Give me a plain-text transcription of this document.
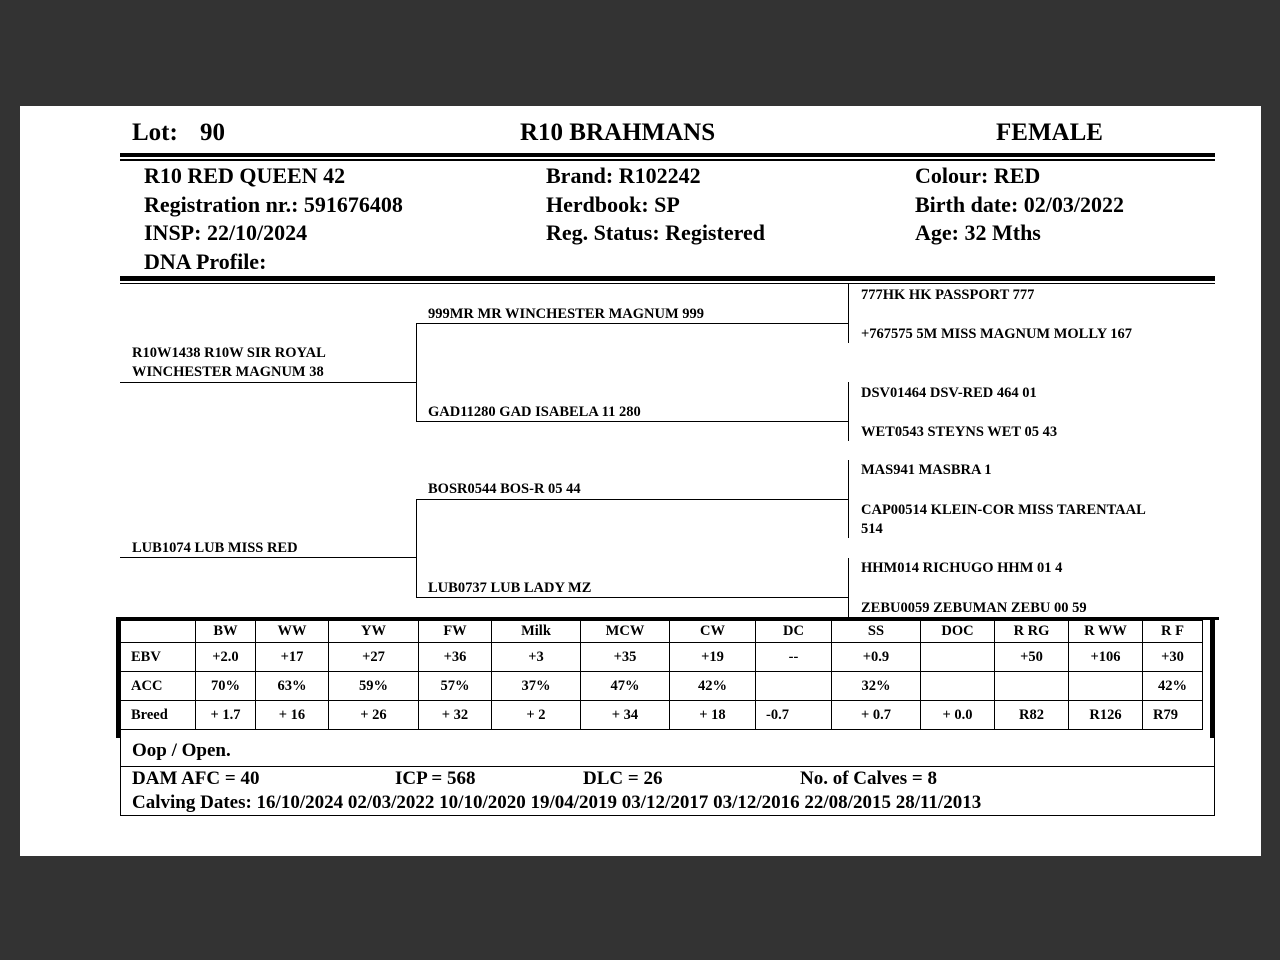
Lot: 90	R10 BRAHMANS	FEMALE
R10 RED QUEEN 42
Registration nr.: 591676408
INSP: 22/10/2024
DNA Profile:
Brand: R102242
Herdbook: SP
Reg. Status: Registered
Colour: RED
Birth date: 02/03/2022
Age: 32 Mths
R10W1438 R10W SIR ROYAL
WINCHESTER MAGNUM 38
LUB1074 LUB MISS RED
999MR MR WINCHESTER MAGNUM 999
GAD11280 GAD ISABELA 11 280
BOSR0544 BOS-R 05 44
LUB0737 LUB LADY MZ
777HK HK PASSPORT 777
+767575 5M MISS MAGNUM MOLLY 167
DSV01464 DSV-RED 464 01
WET0543 STEYNS WET 05 43
MAS941 MASBRA 1
CAP00514 KLEIN-COR MISS TARENTAAL
514
HHM014 RICHUGO HHM 01 4
ZEBU0059 ZEBUMAN ZEBU 00 59
	BW	WW	YW	FW	Milk	MCW	CW	DC	SS	DOC	R RG	R WW	R F
EBV	+2.0	+17	+27	+36	+3	+35	+19	--	+0.9		+50	+106	+30
ACC	70%	63%	59%	57%	37%	47%	42%		32%				42%
Breed	+ 1.7	+ 16	+ 26	+ 32	+ 2	+ 34	+ 18	-0.7	+ 0.7	+ 0.0	R82	R126	R79
Oop / Open.
DAM AFC = 40	ICP = 568	DLC = 26	No. of Calves = 8
Calving Dates: 16/10/2024 02/03/2022 10/10/2020 19/04/2019 03/12/2017 03/12/2016 22/08/2015 28/11/2013
